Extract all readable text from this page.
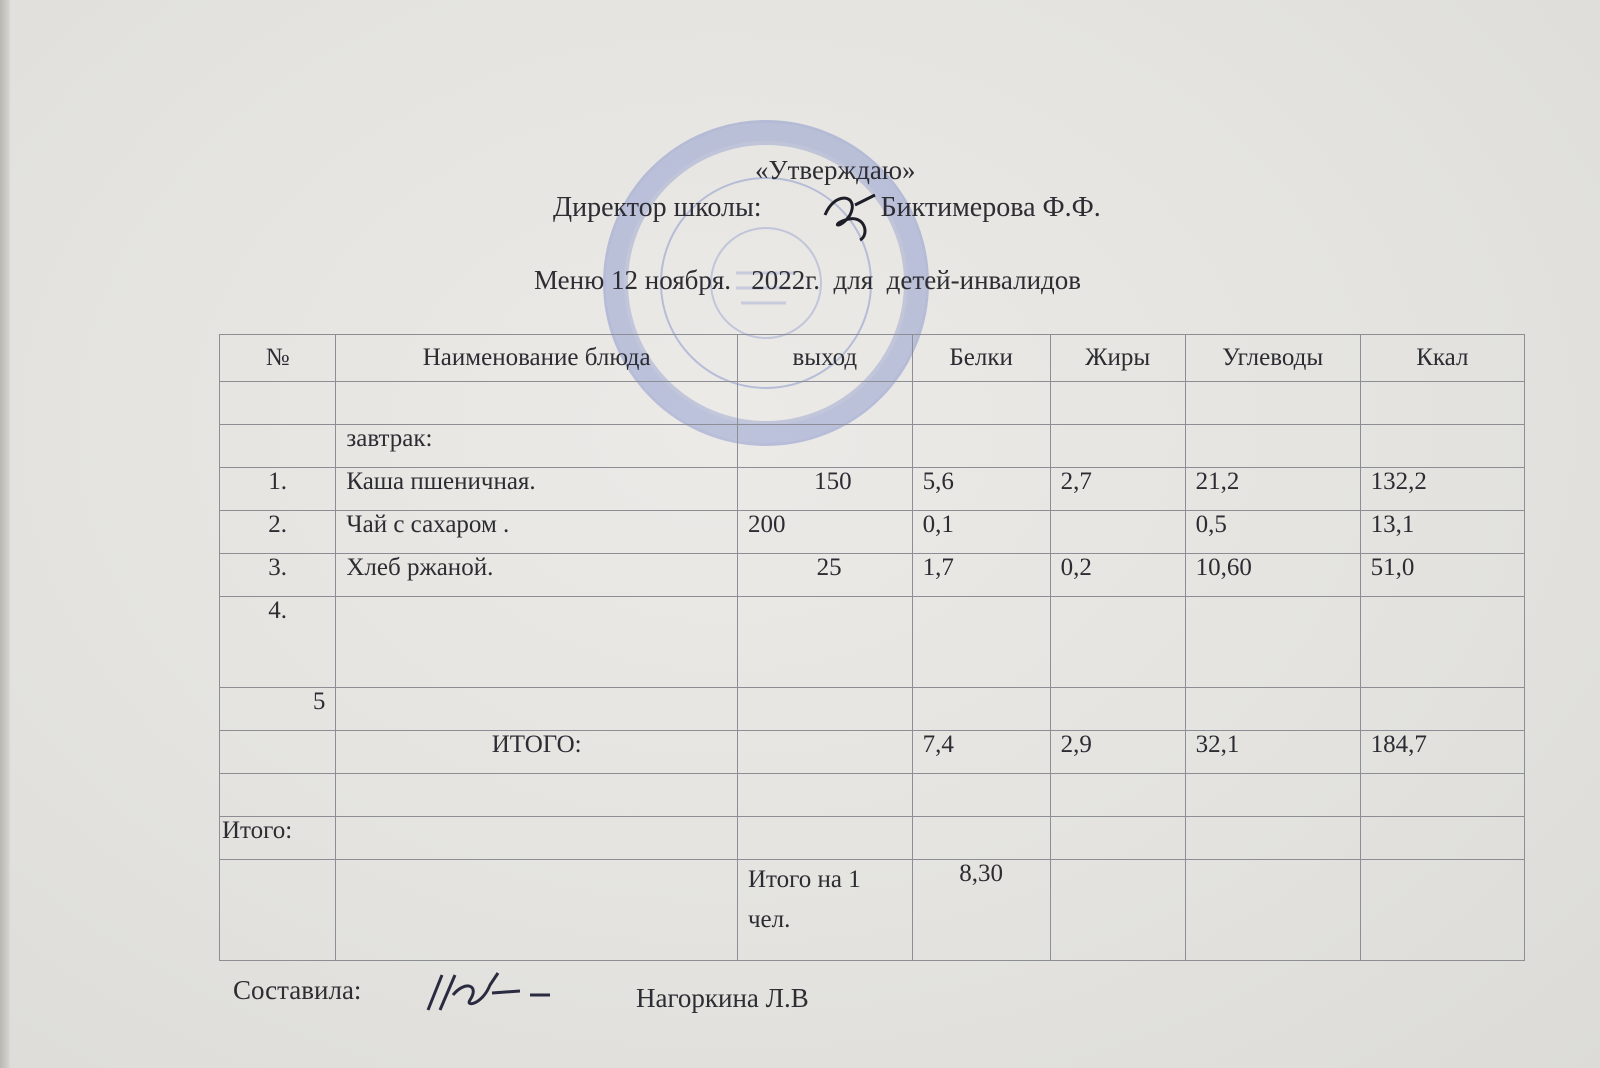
«Утверждаю»
Директор школы:	Биктимерова Ф.Ф.
Меню 12 ноября.   2022г.  для  детей-инвалидов
№	Наименование блюда	выход	Белки	Жиры	Углеводы	Ккал

	завтрак:					
1.	Каша пшеничная.	150	5,6	2,7	21,2	132,2
2.	Чай с сахаром .	200	0,1		0,5	13,1
3.	Хлеб ржаной.	25	1,7	0,2	10,60	51,0
4.						
5						
	ИТОГО:		7,4	2,9	32,1	184,7

Итого:						
		Итого на 1 чел.	8,30			
Составила:	Нагоркина Л.В
